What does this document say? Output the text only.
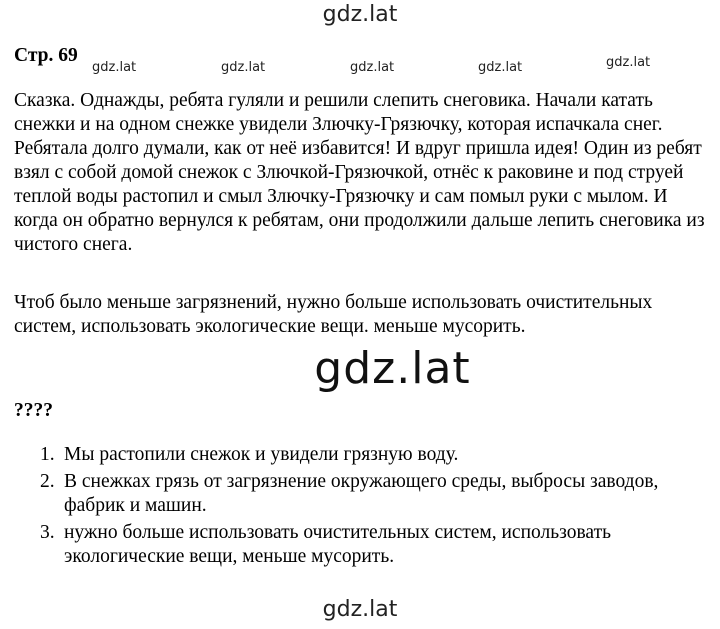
gdz.lat
gdz.lat	gdz.lat	gdz.lat	gdz.lat	gdz.lat
Стр. 69
Сказка. Однажды, ребята гуляли и решили слепить снеговика. Начали катать снежки и на одном снежке увидели Злючку-Грязючку, которая испачкала снег. Ребятала долго думали, как от неё избавится! И вдруг пришла идея! Один из ребят взял с собой домой снежок с Злючкой-Грязючкой, отнёс к раковине и под струей теплой воды растопил и смыл Злючку-Грязючку и сам помыл руки с мылом. И когда он обратно вернулся к ребятам, они продолжили дальше лепить снеговика из чистого снега.
Чтоб было меньше загрязнений, нужно больше использовать очистительных систем, использовать экологические вещи. меньше мусорить.
gdz.lat
????
1. Мы растопили снежок и увидели грязную воду.
2. В снежках грязь от загрязнение окружающего среды, выбросы заводов, фабрик и машин.
3. нужно больше использовать очистительных систем, использовать экологические вещи, меньше мусорить.
gdz.lat
